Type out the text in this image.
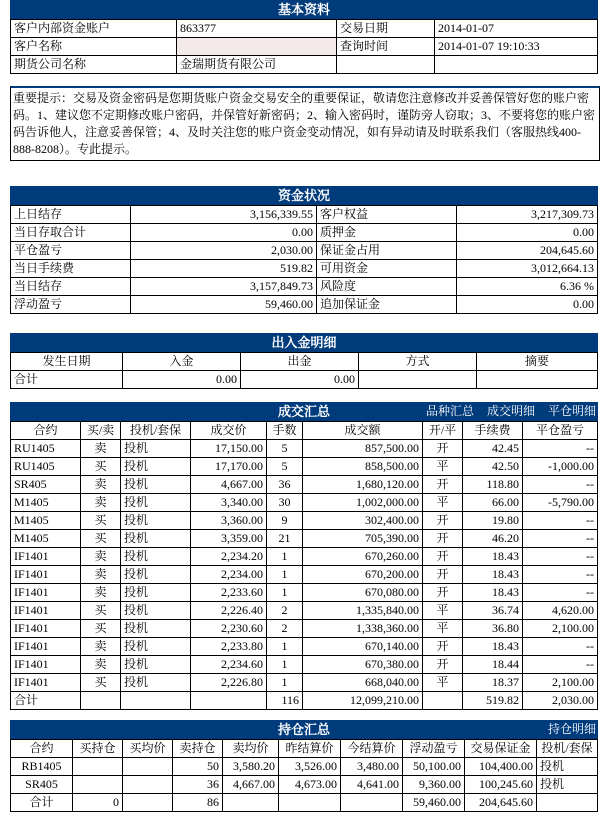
基本资料
客户内部资金账户	863377	交易日期	2014-01-07
客户名称		查询时间	2014-01-07 19:10:33
期货公司名称	金瑞期货有限公司		
重要提示：交易及资金密码是您期货账户资金交易安全的重要保证，敬请您注意修改并妥善保管好您的账户密码。1、建议您不定期修改账户密码，并保管好新密码；2、输入密码时，谨防旁人窃取；3、不要将您的账户密码告诉他人，注意妥善保管；4、及时关注您的账户资金变动情况，如有异动请及时联系我们（客服热线400-888-8208）。专此提示。
资金状况
上日结存	3,156,339.55	客户权益	3,217,309.73
当日存取合计	0.00	质押金	0.00
平仓盈亏	2,030.00	保证金占用	204,645.60
当日手续费	519.82	可用资金	3,012,664.13
当日结存	3,157,849.73	风险度	6.36 %
浮动盈亏	59,460.00	追加保证金	0.00
出入金明细
发生日期	入金	出金	方式	摘要
合计	0.00	0.00		
成交汇总	品种汇总 成交明细 平仓明细
合约	买/卖	投机/套保	成交价	手数	成交额	开/平	手续费	平仓盈亏
RU1405	卖	投机	17,150.00	5	857,500.00	开	42.45	--
RU1405	买	投机	17,170.00	5	858,500.00	平	42.50	-1,000.00
SR405	卖	投机	4,667.00	36	1,680,120.00	开	118.80	--
M1405	卖	投机	3,340.00	30	1,002,000.00	平	66.00	-5,790.00
M1405	买	投机	3,360.00	9	302,400.00	开	19.80	--
M1405	买	投机	3,359.00	21	705,390.00	开	46.20	--
IF1401	卖	投机	2,234.20	1	670,260.00	开	18.43	--
IF1401	卖	投机	2,234.00	1	670,200.00	开	18.43	--
IF1401	卖	投机	2,233.60	1	670,080.00	开	18.43	--
IF1401	买	投机	2,226.40	2	1,335,840.00	平	36.74	4,620.00
IF1401	买	投机	2,230.60	2	1,338,360.00	平	36.80	2,100.00
IF1401	卖	投机	2,233.80	1	670,140.00	开	18.43	--
IF1401	卖	投机	2,234.60	1	670,380.00	开	18.44	--
IF1401	买	投机	2,226.80	1	668,040.00	平	18.37	2,100.00
合计				116	12,099,210.00		519.82	2,030.00
持仓汇总	持仓明细
合约	买持仓	买均价	卖持仓	卖均价	昨结算价	今结算价	浮动盈亏	交易保证金	投机/套保
RB1405			50	3,580.20	3,526.00	3,480.00	50,100.00	104,400.00	投机
SR405			36	4,667.00	4,673.00	4,641.00	9,360.00	100,245.60	投机
合计	0		86				59,460.00	204,645.60	
